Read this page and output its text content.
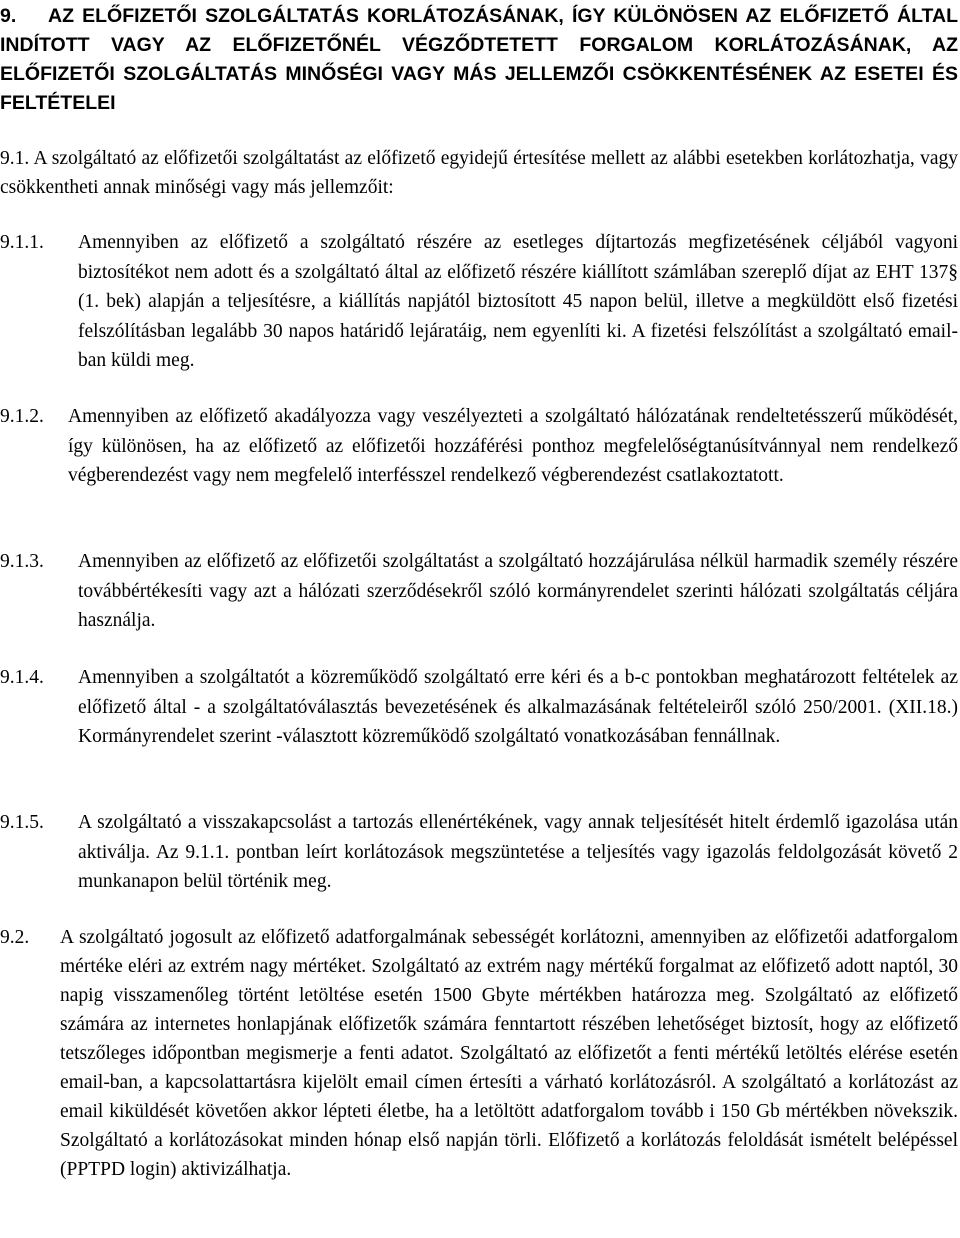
9. AZ ELŐFIZETŐI SZOLGÁLTATÁS KORLÁTOZÁSÁNAK, ÍGY KÜLÖNÖSEN AZ ELŐFIZETŐ ÁLTAL INDÍTOTT VAGY AZ ELŐFIZETŐNÉL VÉGZŐDTETETT FORGALOM KORLÁTOZÁSÁNAK, AZ ELŐFIZETŐI SZOLGÁLTATÁS MINŐSÉGI VAGY MÁS JELLEMZŐI CSÖKKENTÉSÉNEK AZ ESETEI ÉS FELTÉTELEI
9.1. A szolgáltató az előfizetői szolgáltatást az előfizető egyidejű értesítése mellett az alábbi esetekben korlátozhatja, vagy csökkentheti annak minőségi vagy más jellemzőit:
9.1.1.	Amennyiben az előfizető a szolgáltató részére az esetleges díjtartozás megfizetésének céljából vagyoni biztosítékot nem adott és a szolgáltató által az előfizető részére kiállított számlában szereplő díjat az EHT 137§ (1. bek) alapján a teljesítésre, a kiállítás napjától biztosított 45 napon belül, illetve a megküldött első fizetési felszólításban legalább 30 napos határidő lejáratáig, nem egyenlíti ki. A fizetési felszólítást a szolgáltató email-ban küldi meg.
9.1.2.	Amennyiben az előfizető akadályozza vagy veszélyezteti a szolgáltató hálózatának rendeltetésszerű működését, így különösen, ha az előfizető az előfizetői hozzáférési ponthoz megfelelőségtanúsítvánnyal nem rendelkező végberendezést vagy nem megfelelő interfésszel rendelkező végberendezést csatlakoztatott.
9.1.3.	Amennyiben az előfizető az előfizetői szolgáltatást a szolgáltató hozzájárulása nélkül harmadik személy részére továbbértékesíti vagy azt a hálózati szerződésekről szóló kormányrendelet szerinti hálózati szolgáltatás céljára használja.
9.1.4.	Amennyiben a szolgáltatót a közreműködő szolgáltató erre kéri és a b-c pontokban meghatározott feltételek az előfizető által - a szolgáltatóválasztás bevezetésének és alkalmazásának feltételeiről szóló 250/2001. (XII.18.) Kormányrendelet szerint -választott közreműködő szolgáltató vonatkozásában fennállnak.
9.1.5.	A szolgáltató a visszakapcsolást a tartozás ellenértékének, vagy annak teljesítését hitelt érdemlő igazolása után aktiválja. Az 9.1.1. pontban leírt korlátozások megszüntetése a teljesítés vagy igazolás feldolgozását követő 2 munkanapon belül történik meg.
9.2.	A szolgáltató jogosult az előfizető adatforgalmának sebességét korlátozni, amennyiben az előfizetői adatforgalom mértéke eléri az extrém nagy mértéket. Szolgáltató az extrém nagy mértékű forgalmat az előfizető adott naptól, 30 napig visszamenőleg történt letöltése esetén 1500 Gbyte mértékben határozza meg. Szolgáltató az előfizető számára az internetes honlapjának előfizetők számára fenntartott részében lehetőséget biztosít, hogy az előfizető tetszőleges időpontban megismerje a fenti adatot. Szolgáltató az előfizetőt a fenti mértékű letöltés elérése esetén email-ban, a kapcsolattartásra kijelölt email címen értesíti a várható korlátozásról. A szolgáltató a korlátozást az email kiküldését követően akkor lépteti életbe, ha a letöltött adatforgalom tovább i 150 Gb mértékben növekszik. Szolgáltató a korlátozásokat minden hónap első napján törli. Előfizető a korlátozás feloldását ismételt belépéssel (PPTPD login) aktivizálhatja.
